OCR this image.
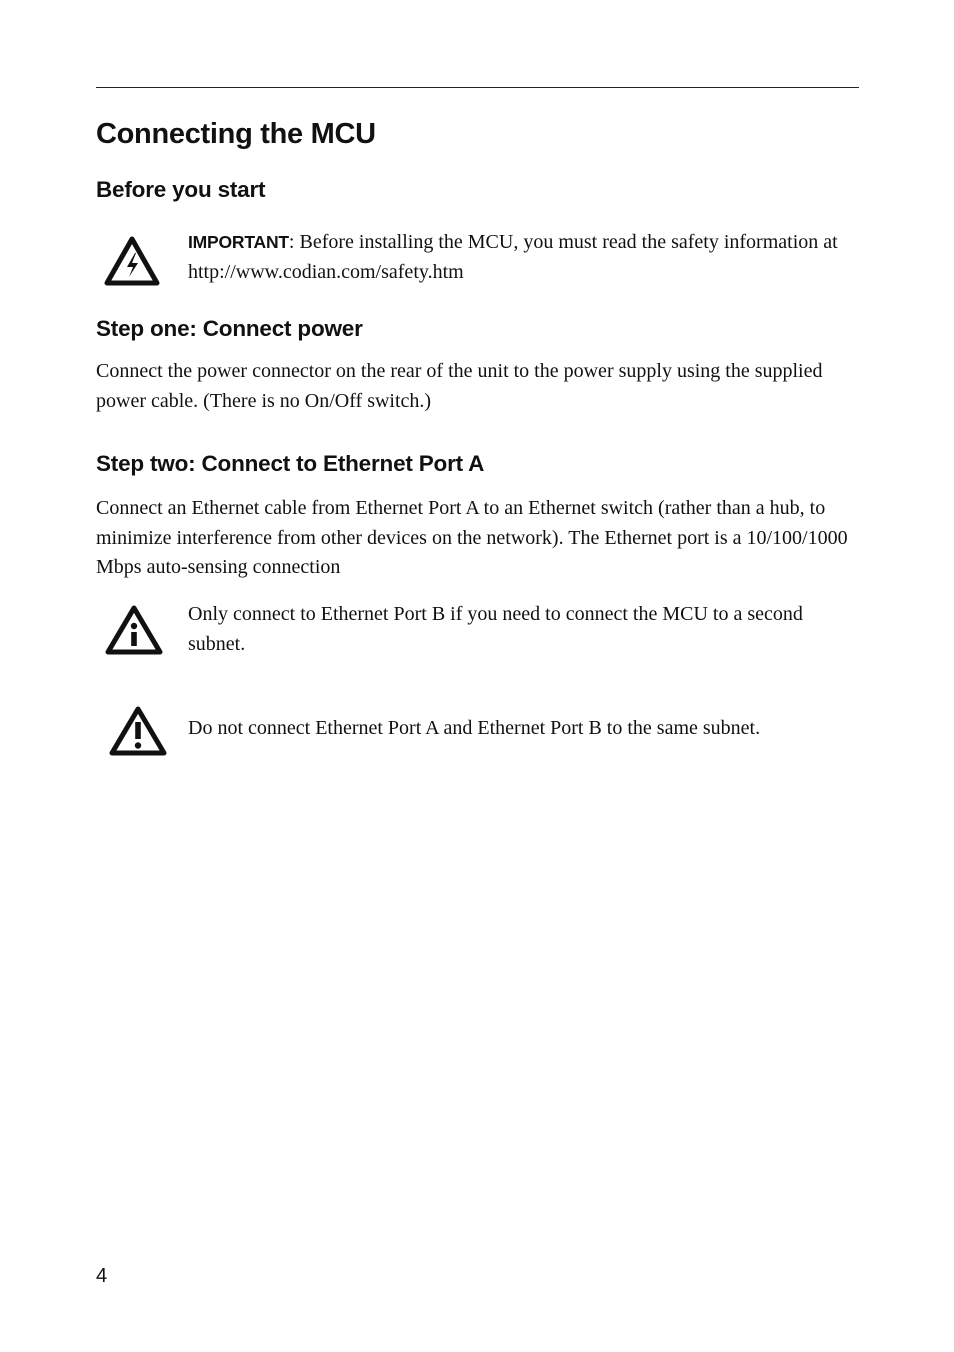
Connecting the MCU
Before you start

IMPORTANT: Before installing the MCU, you must read the safety information at http://www.codian.com/safety.htm

Step one: Connect power

Connect the power connector on the rear of the unit to the power supply using the supplied power cable. (There is no On/Off switch.)

Step two: Connect to Ethernet Port A

Connect an Ethernet cable from Ethernet Port A to an Ethernet switch (rather than a hub, to minimize interference from other devices on the network). The Ethernet port is a 10/100/1000 Mbps auto-sensing connection

Only connect to Ethernet Port B if you need to connect the MCU to a second subnet.

Do not connect Ethernet Port A and Ethernet Port B to the same subnet.

4
